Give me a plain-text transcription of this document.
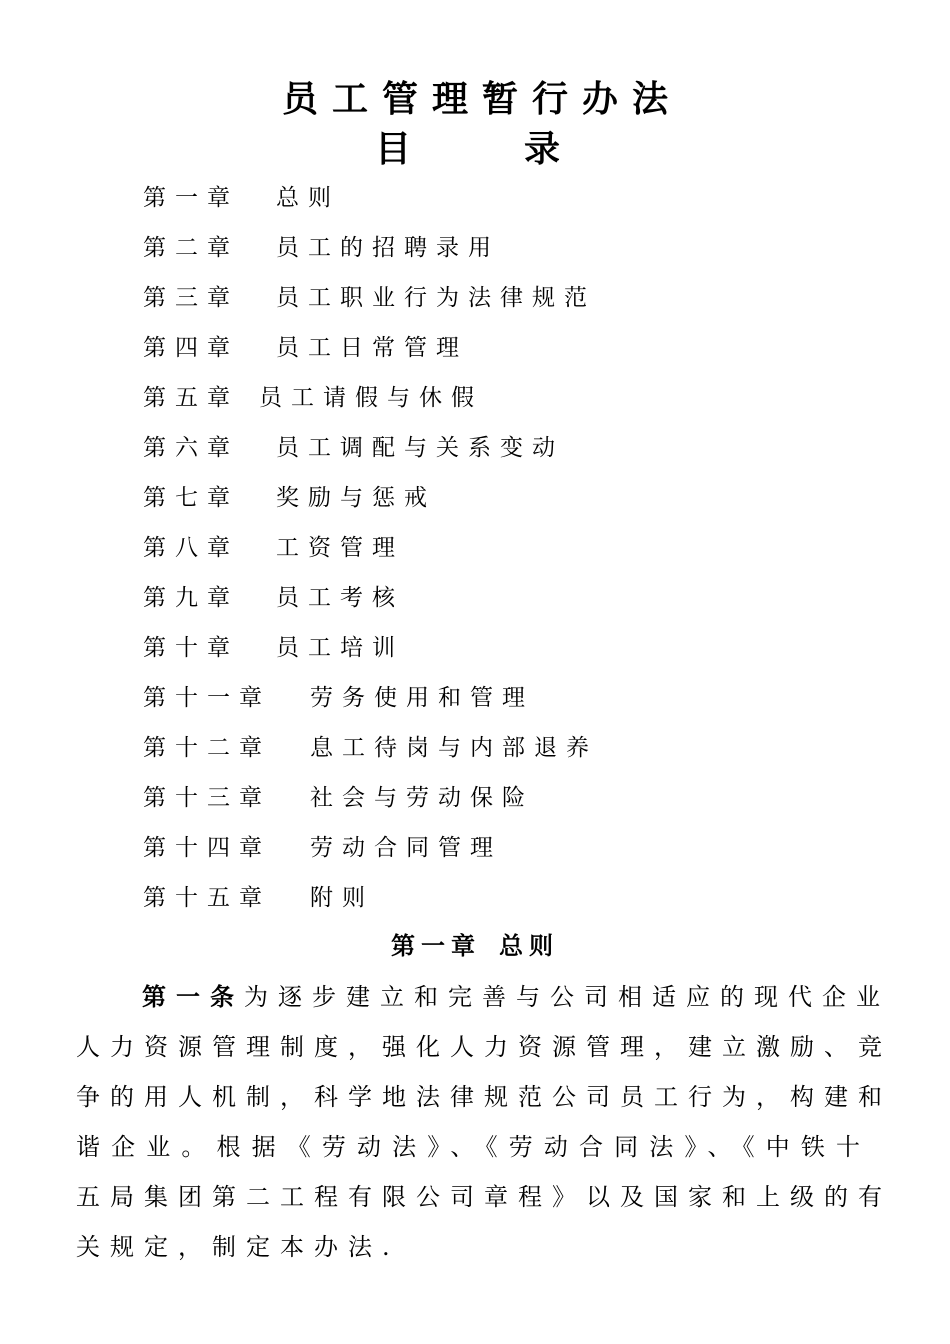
员工管理暂行办法
目	录
第一章 总则
第二章 员工的招聘录用
第三章 员工职业行为法律规范
第四章 员工日常管理
第五章 员工请假与休假
第六章 员工调配与关系变动
第七章 奖励与惩戒
第八章 工资管理
第九章 员工考核
第十章 员工培训
第十一章 劳务使用和管理
第十二章 息工待岗与内部退养
第十三章 社会与劳动保险
第十四章 劳动合同管理
第十五章 附则
第一章 总则
第一条为逐步建立和完善与公司相适应的现代企业
人力资源管理制度，强化人力资源管理，建立激励、竞
争的用人机制，科学地法律规范公司员工行为，构建和
谐企业。根据《劳动法》、《劳动合同法》、《中铁十
五局集团第二工程有限公司章程》以及国家和上级的有
关规定，制定本办法.
